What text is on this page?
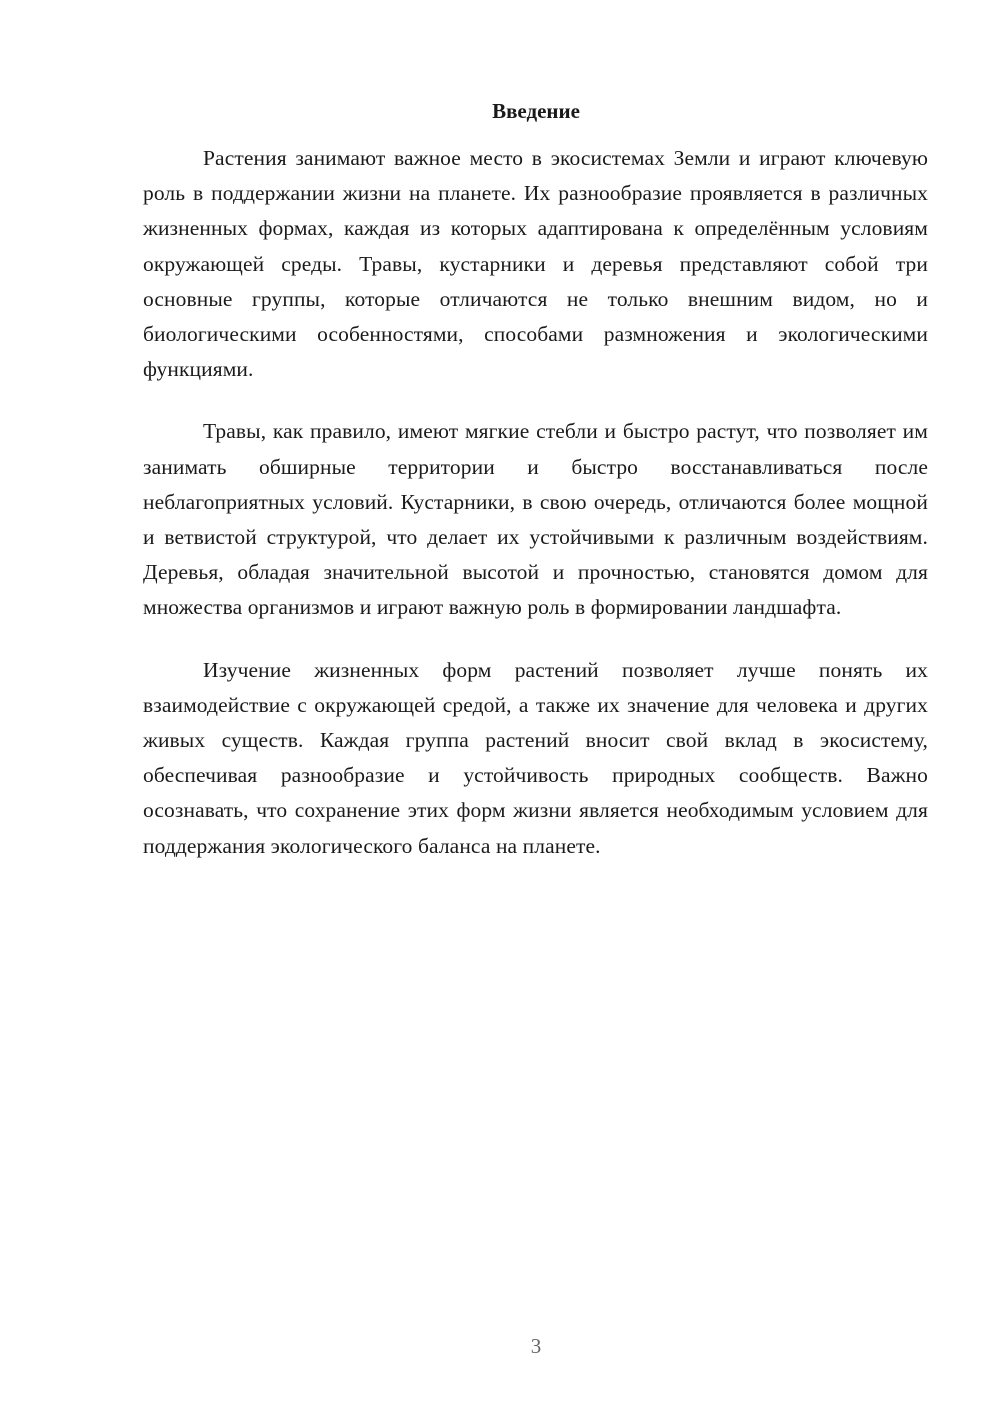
Введение

Растения занимают важное место в экосистемах Земли и играют ключевую роль в поддержании жизни на планете. Их разнообразие проявляется в различных жизненных формах, каждая из которых адаптирована к определённым условиям окружающей среды. Травы, кустарники и деревья представляют собой три основные группы, которые отличаются не только внешним видом, но и биологическими особенностями, способами размножения и экологическими функциями.

Травы, как правило, имеют мягкие стебли и быстро растут, что позволяет им занимать обширные территории и быстро восстанавливаться после неблагоприятных условий. Кустарники, в свою очередь, отличаются более мощной и ветвистой структурой, что делает их устойчивыми к различным воздействиям. Деревья, обладая значительной высотой и прочностью, становятся домом для множества организмов и играют важную роль в формировании ландшафта.

Изучение жизненных форм растений позволяет лучше понять их взаимодействие с окружающей средой, а также их значение для человека и других живых существ. Каждая группа растений вносит свой вклад в экосистему, обеспечивая разнообразие и устойчивость природных сообществ. Важно осознавать, что сохранение этих форм жизни является необходимым условием для поддержания экологического баланса на планете.

3
